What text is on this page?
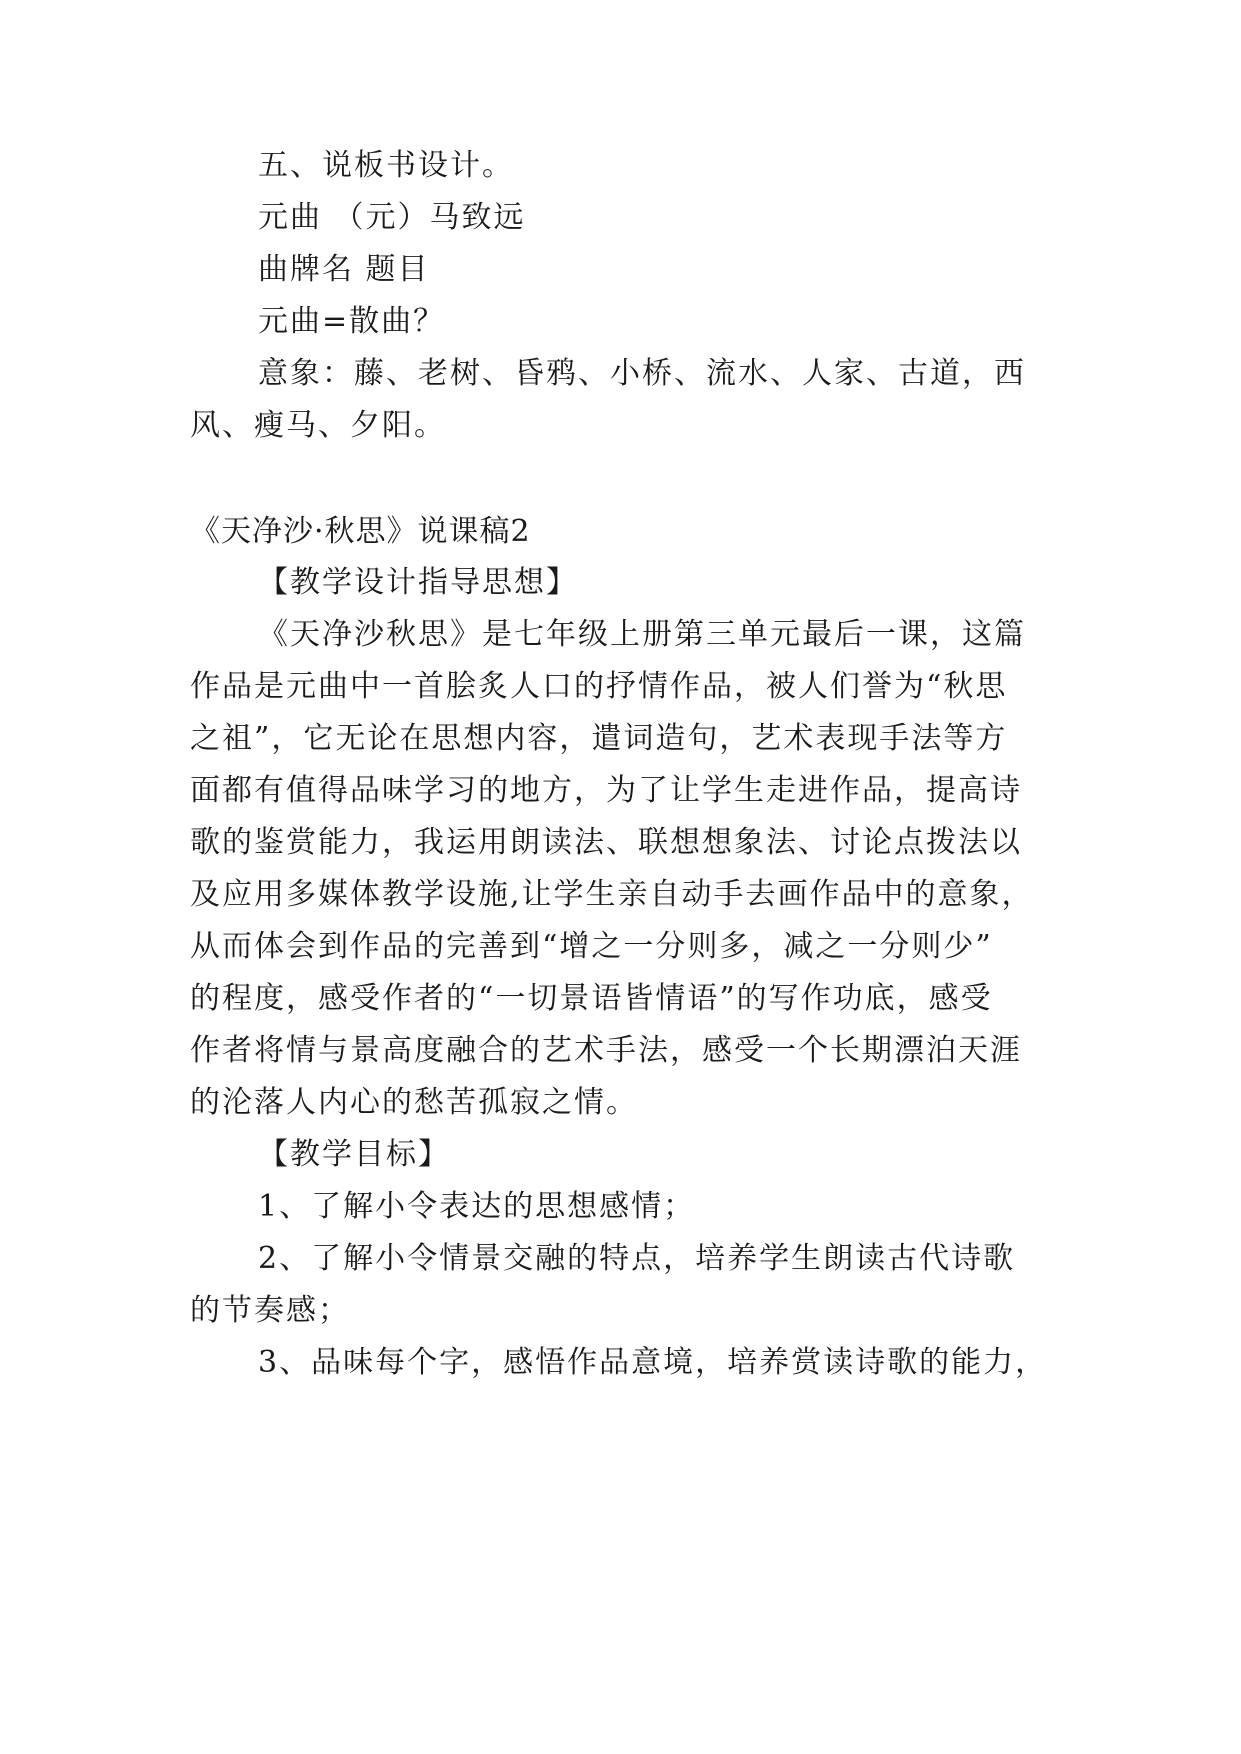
五、说板书设计。
元曲 （元）马致远
曲牌名 题目
元曲=散曲？
意象：藤、老树、昏鸦、小桥、流水、人家、古道，西
风、瘦马、夕阳。
《天净沙·秋思》说课稿2
【教学设计指导思想】
《天净沙秋思》是七年级上册第三单元最后一课，这篇
作品是元曲中一首脍炙人口的抒情作品，被人们誉为“秋思
之祖”，它无论在思想内容，遣词造句，艺术表现手法等方
面都有值得品味学习的地方，为了让学生走进作品，提高诗
歌的鉴赏能力，我运用朗读法、联想想象法、讨论点拨法以
及应用多媒体教学设施,让学生亲自动手去画作品中的意象，
从而体会到作品的完善到“增之一分则多，减之一分则少”
的程度，感受作者的“一切景语皆情语”的写作功底，感受
作者将情与景高度融合的艺术手法，感受一个长期漂泊天涯
的沦落人内心的愁苦孤寂之情。
【教学目标】
1、了解小令表达的思想感情；
2、了解小令情景交融的特点，培养学生朗读古代诗歌
的节奏感；
3、品味每个字，感悟作品意境，培养赏读诗歌的能力，
